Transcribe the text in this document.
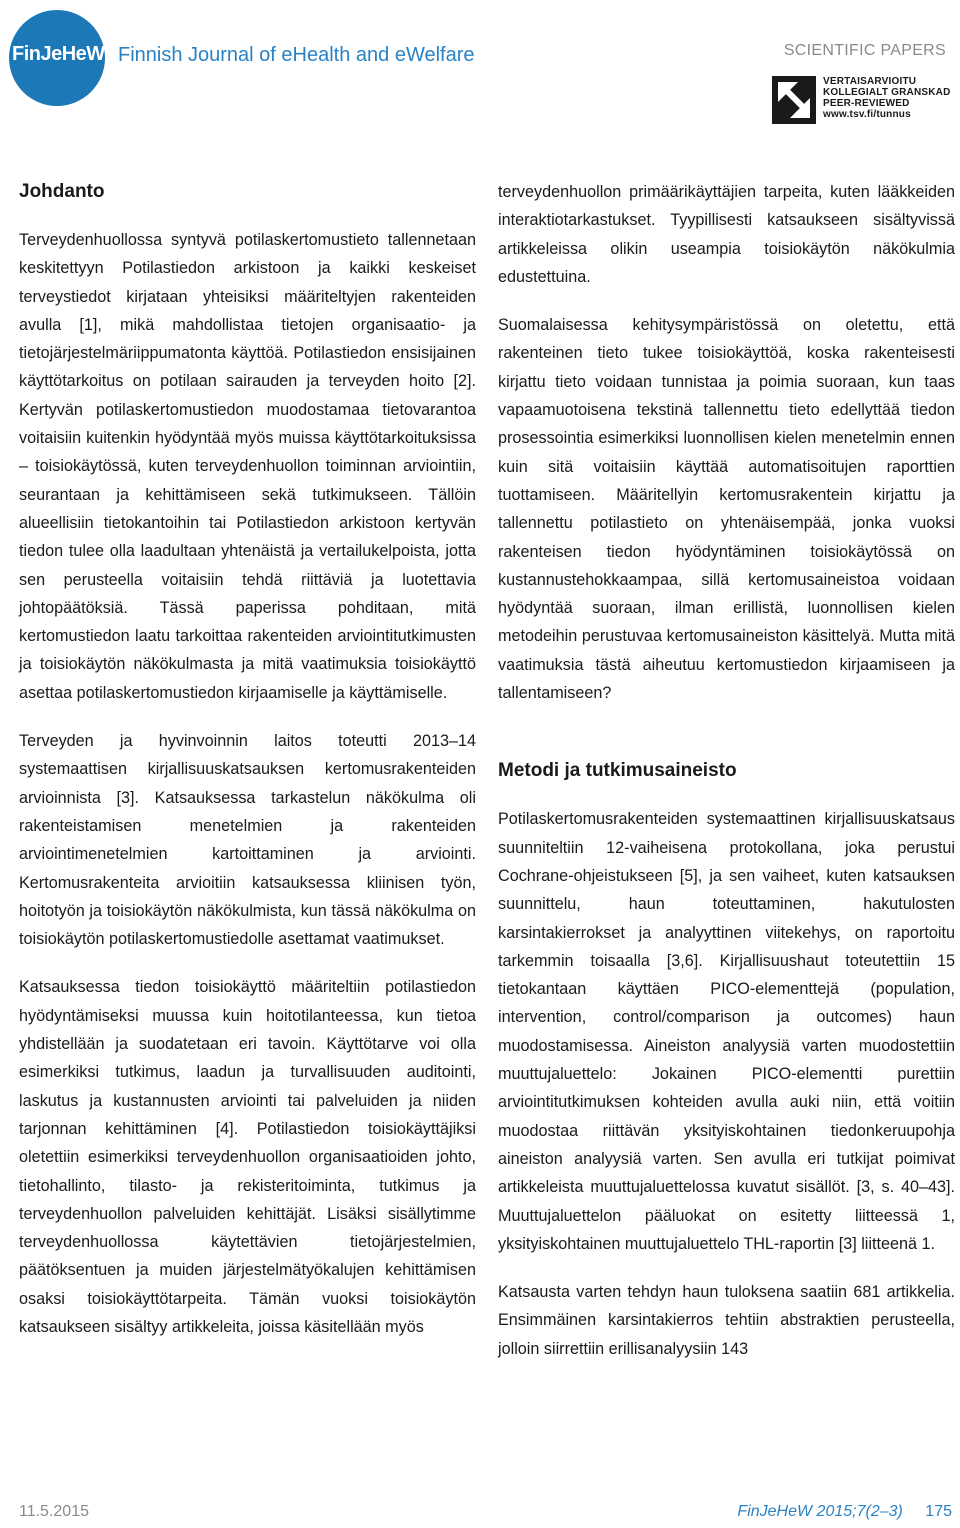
FinJeHeW Finnish Journal of eHealth and eWelfare	SCIENTIFIC PAPERS
VERTAISARVIOITU
KOLLEGIALT GRANSKAD
PEER-REVIEWED
www.tsv.fi/tunnus
Johdanto

Terveydenhuollossa syntyvä potilaskertomustieto tallennetaan keskitettyyn Potilastiedon arkistoon ja kaikki keskeiset terveystiedot kirjataan yhteisiksi määriteltyjen rakenteiden avulla [1], mikä mahdollistaa tietojen organisaatio- ja tietojärjestelmäriippumatonta käyttöä. Potilastiedon ensisijainen käyttötarkoitus on potilaan sairauden ja terveyden hoito [2]. Kertyvän potilaskertomustiedon muodostamaa tietovarantoa voitaisiin kuitenkin hyödyntää myös muissa käyttötarkoituksissa – toisiokäytössä, kuten terveydenhuollon toiminnan arviointiin, seurantaan ja kehittämiseen sekä tutkimukseen. Tällöin alueellisiin tietokantoihin tai Potilastiedon arkistoon kertyvän tiedon tulee olla laadultaan yhtenäistä ja vertailukelpoista, jotta sen perusteella voitaisiin tehdä riittäviä ja luotettavia johtopäätöksiä. Tässä paperissa pohditaan, mitä kertomustiedon laatu tarkoittaa rakenteiden arviointitutkimusten ja toisiokäytön näkökulmasta ja mitä vaatimuksia toisiokäyttö asettaa potilaskertomustiedon kirjaamiselle ja käyttämiselle.

Terveyden ja hyvinvoinnin laitos toteutti 2013–14 systemaattisen kirjallisuuskatsauksen kertomusrakenteiden arvioinnista [3]. Katsauksessa tarkastelun näkökulma oli rakenteistamisen menetelmien ja rakenteiden arviointimenetelmien kartoittaminen ja arviointi. Kertomusrakenteita arvioitiin katsauksessa kliinisen työn, hoitotyön ja toisiokäytön näkökulmista, kun tässä näkökulma on toisiokäytön potilaskertomustiedolle asettamat vaatimukset.

Katsauksessa tiedon toisiokäyttö määriteltiin potilastiedon hyödyntämiseksi muussa kuin hoitotilanteessa, kun tietoa yhdistellään ja suodatetaan eri tavoin. Käyttötarve voi olla esimerkiksi tutkimus, laadun ja turvallisuuden auditointi, laskutus ja kustannusten arviointi tai palveluiden ja niiden tarjonnan kehittäminen [4]. Potilastiedon toisiokäyttäjiksi oletettiin esimerkiksi terveydenhuollon organisaatioiden johto, tietohallinto, tilasto- ja rekisteritoiminta, tutkimus ja terveydenhuollon palveluiden kehittäjät. Lisäksi sisällytimme terveydenhuollossa käytettävien tietojärjestelmien, päätöksentuen ja muiden järjestelmätyökalujen kehittämisen osaksi toisiokäyttötarpeita. Tämän vuoksi toisiokäytön katsaukseen sisältyy artikkeleita, joissa käsitellään myös

terveydenhuollon primäärikäyttäjien tarpeita, kuten lääkkeiden interaktiotarkastukset. Tyypillisesti katsaukseen sisältyvissä artikkeleissa olikin useampia toisiokäytön näkökulmia edustettuina.

Suomalaisessa kehitysympäristössä on oletettu, että rakenteinen tieto tukee toisiokäyttöä, koska rakenteisesti kirjattu tieto voidaan tunnistaa ja poimia suoraan, kun taas vapaamuotoisena tekstinä tallennettu tieto edellyttää tiedon prosessointia esimerkiksi luonnollisen kielen menetelmin ennen kuin sitä voitaisiin käyttää automatisoitujen raporttien tuottamiseen. Määritellyin kertomusrakentein kirjattu ja tallennettu potilastieto on yhtenäisempää, jonka vuoksi rakenteisen tiedon hyödyntäminen toisiokäytössä on kustannustehokkaampaa, sillä kertomusaineistoa voidaan hyödyntää suoraan, ilman erillistä, luonnollisen kielen metodeihin perustuvaa kertomusaineiston käsittelyä. Mutta mitä vaatimuksia tästä aiheutuu kertomustiedon kirjaamiseen ja tallentamiseen?

Metodi ja tutkimusaineisto

Potilaskertomusrakenteiden systemaattinen kirjallisuuskatsaus suunniteltiin 12-vaiheisena protokollana, joka perustui Cochrane-ohjeistukseen [5], ja sen vaiheet, kuten katsauksen suunnittelu, haun toteuttaminen, hakutulosten karsintakierrokset ja analyyttinen viitekehys, on raportoitu tarkemmin toisaalla [3,6]. Kirjallisuushaut toteutettiin 15 tietokantaan käyttäen PICO-elementtejä (population, intervention, control/comparison ja outcomes) haun muodostamisessa. Aineiston analyysiä varten muodostettiin muuttujaluettelo: Jokainen PICO-elementti purettiin arviointitutkimuksen kohteiden avulla auki niin, että voitiin muodostaa riittävän yksityiskohtainen tiedonkeruupohja aineiston analyysiä varten. Sen avulla eri tutkijat poimivat artikkeleista muuttujaluettelossa kuvatut sisällöt. [3, s. 40–43]. Muuttujaluettelon pääluokat on esitetty liitteessä 1, yksityiskohtainen muuttujaluettelo THL-raportin [3] liitteenä 1.

Katsausta varten tehdyn haun tuloksena saatiin 681 artikkelia. Ensimmäinen karsintakierros tehtiin abstraktien perusteella, jolloin siirrettiin erillisanalyysiin 143

11.5.2015	FinJeHeW 2015;7(2–3) 175
